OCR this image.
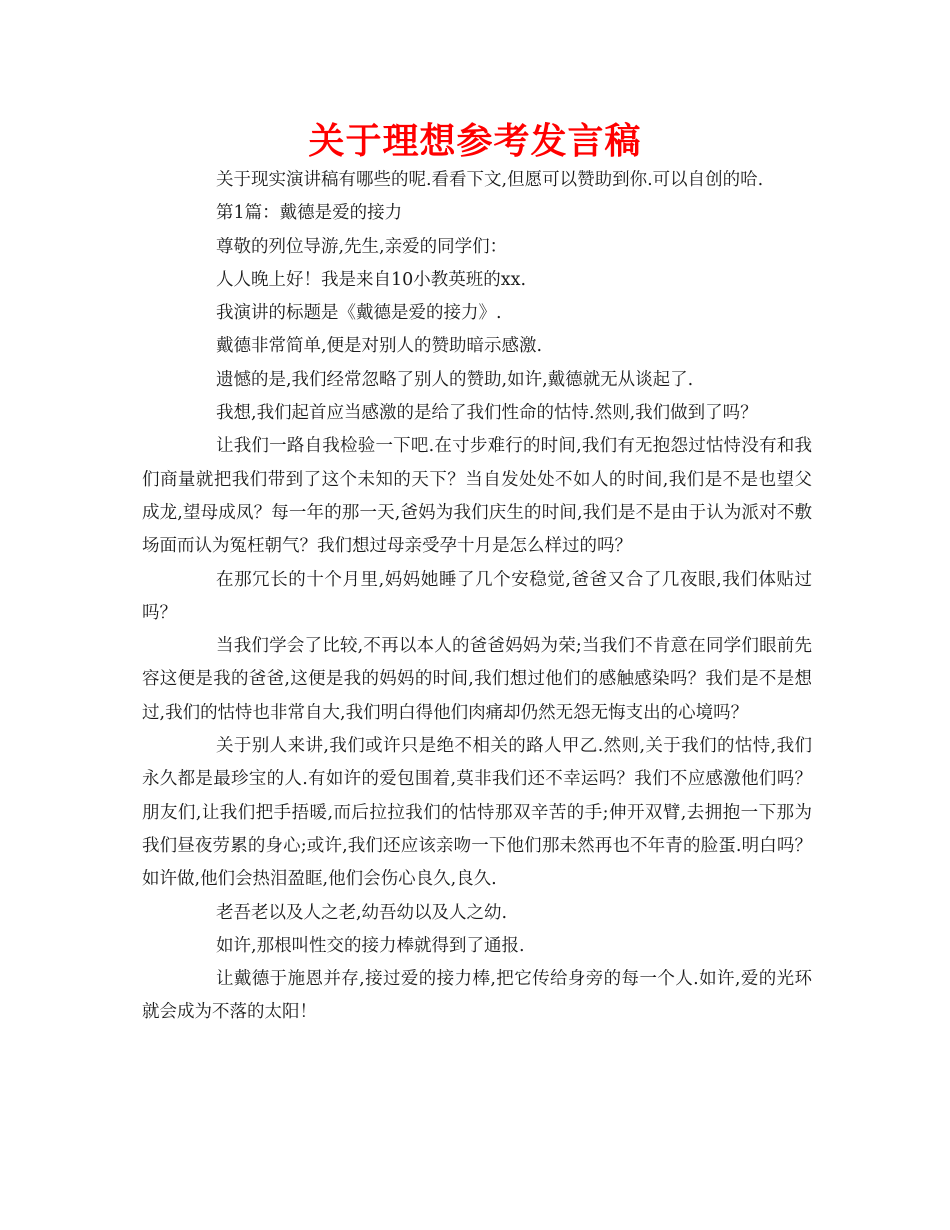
关于理想参考发言稿

关于现实演讲稿有哪些的呢.看看下文,但愿可以赞助到你.可以自创的哈.

第1篇：戴德是爱的接力

尊敬的列位导游,先生,亲爱的同学们：

人人晚上好！我是来自10小教英班的xx.

我演讲的标题是《戴德是爱的接力》.

戴德非常简单,便是对别人的赞助暗示感激.

遗憾的是,我们经常忽略了别人的赞助,如许,戴德就无从谈起了.

我想,我们起首应当感激的是给了我们性命的怙恃.然则,我们做到了吗？

让我们一路自我检验一下吧.在寸步难行的时间,我们有无抱怨过怙恃没有和我们商量就把我们带到了这个未知的天下？当自发处处不如人的时间,我们是不是也望父成龙,望母成凤？每一年的那一天,爸妈为我们庆生的时间,我们是不是由于认为派对不敷场面而认为冤枉朝气？我们想过母亲受孕十月是怎么样过的吗？

在那冗长的十个月里,妈妈她睡了几个安稳觉,爸爸又合了几夜眼,我们体贴过吗？

当我们学会了比较,不再以本人的爸爸妈妈为荣;当我们不肯意在同学们眼前先容这便是我的爸爸,这便是我的妈妈的时间,我们想过他们的感触感染吗？我们是不是想过,我们的怙恃也非常自大,我们明白得他们肉痛却仍然无怨无悔支出的心境吗？

关于别人来讲,我们或许只是绝不相关的路人甲乙.然则,关于我们的怙恃,我们永久都是最珍宝的人.有如许的爱包围着,莫非我们还不幸运吗？我们不应感激他们吗？朋友们,让我们把手捂暖,而后拉拉我们的怙恃那双辛苦的手;伸开双臂,去拥抱一下那为我们昼夜劳累的身心;或许,我们还应该亲吻一下他们那未然再也不年青的脸蛋.明白吗？如许做,他们会热泪盈眶,他们会伤心良久,良久.

老吾老以及人之老,幼吾幼以及人之幼.

如许,那根叫性交的接力棒就得到了通报.

让戴德于施恩并存,接过爱的接力棒,把它传给身旁的每一个人.如许,爱的光环就会成为不落的太阳！
